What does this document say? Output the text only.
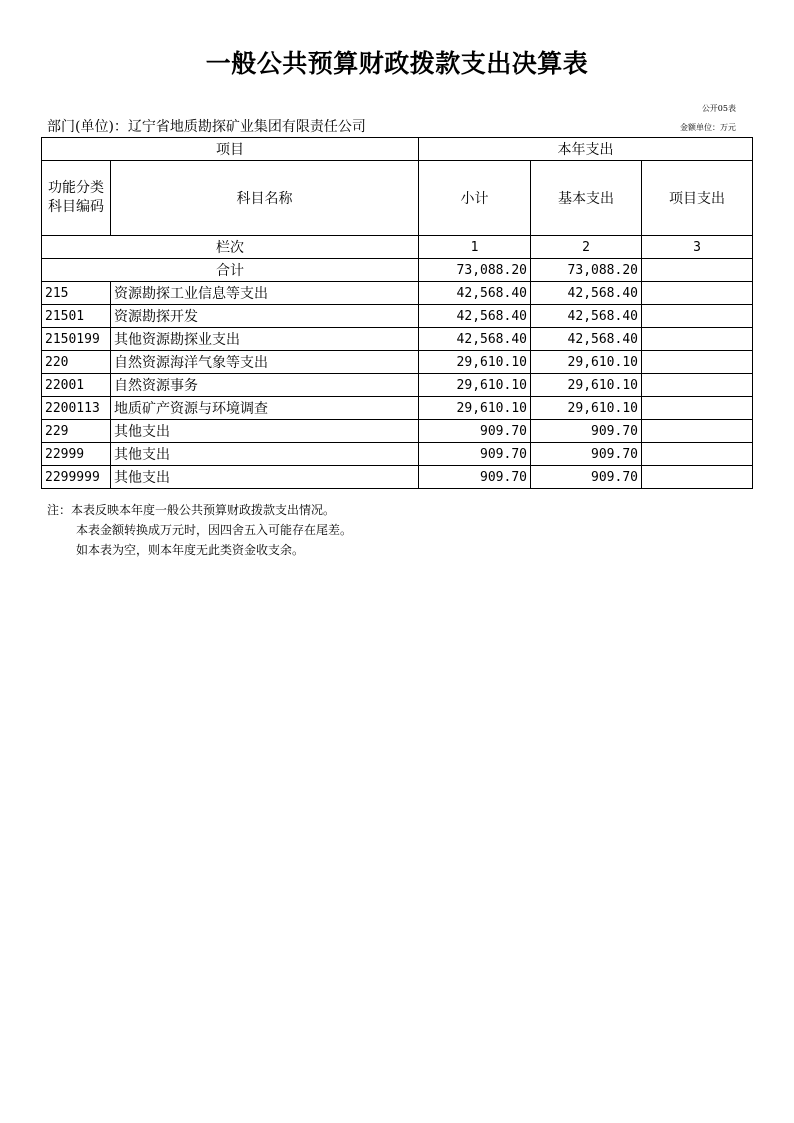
一般公共预算财政拨款支出决算表
公开05表
部门(单位)：辽宁省地质勘探矿业集团有限责任公司	金额单位：万元
项目		本年支出		
功能分类科目编码	科目名称	小计	基本支出	项目支出
栏次		1	2	3
合计		73,088.20	73,088.20	
215	资源勘探工业信息等支出	42,568.40	42,568.40	
21501	资源勘探开发	42,568.40	42,568.40	
2150199	其他资源勘探业支出	42,568.40	42,568.40	
220	自然资源海洋气象等支出	29,610.10	29,610.10	
22001	自然资源事务	29,610.10	29,610.10	
2200113	地质矿产资源与环境调查	29,610.10	29,610.10	
229	其他支出	909.70	909.70	
22999	其他支出	909.70	909.70	
2299999	其他支出	909.70	909.70	
注：本表反映本年度一般公共预算财政拨款支出情况。
本表金额转换成万元时，因四舍五入可能存在尾差。
如本表为空，则本年度无此类资金收支余。
